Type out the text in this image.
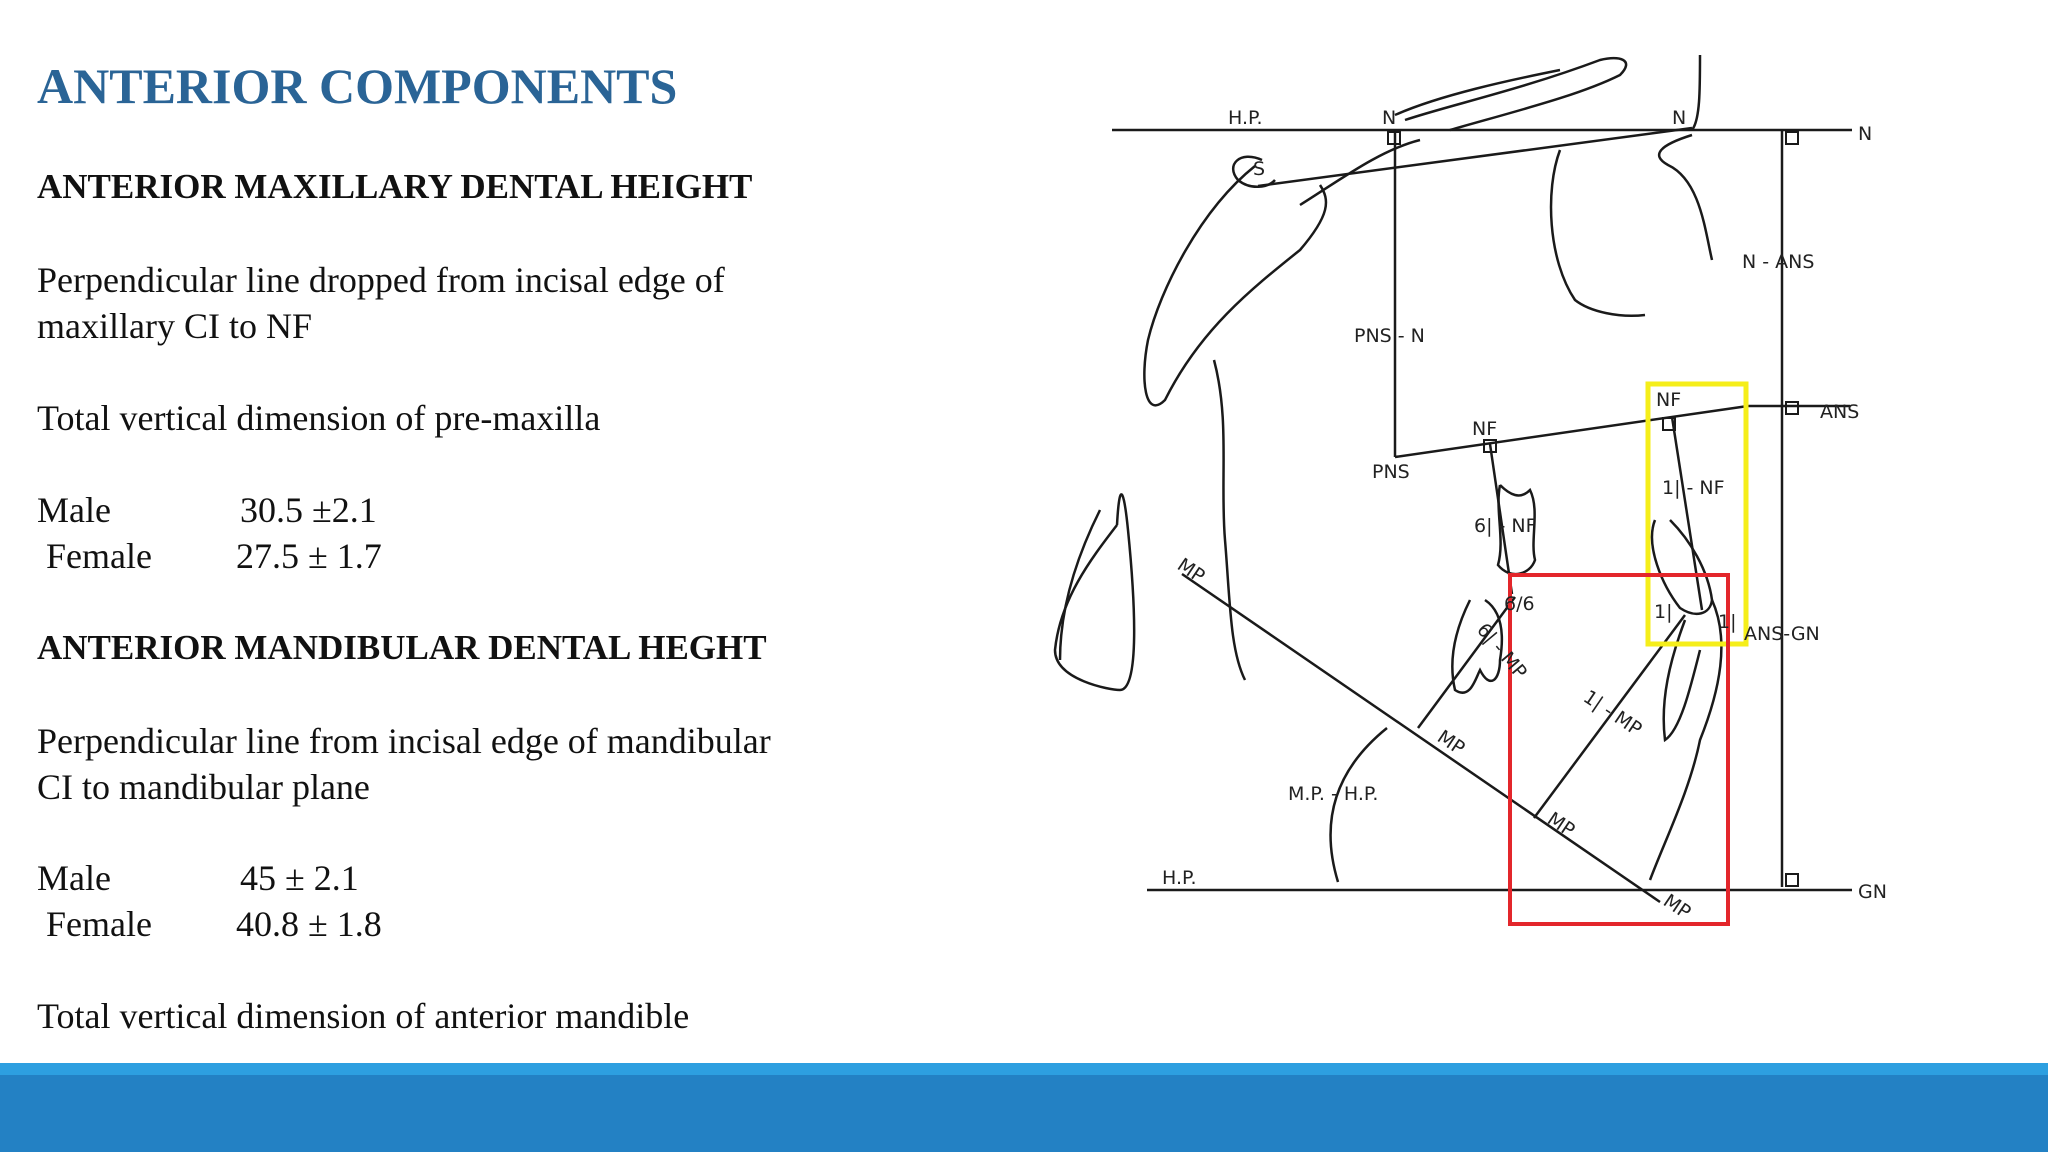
ANTERIOR COMPONENTS
ANTERIOR MAXILLARY DENTAL HEIGHT
Perpendicular line dropped from incisal edge of
maxillary CI to NF
Total vertical dimension of pre-maxilla
Male	30.5 ±2.1
Female 27.5 ± 1.7
ANTERIOR MANDIBULAR DENTAL HEGHT
Perpendicular line from incisal edge of mandibular
CI to mandibular plane
Male	45 ± 2.1
Female 40.8 ± 1.8
Total vertical dimension of anterior mandible
H.P.	N	N
N
S
N - ANS
PNS - N
NF
NF
ANS
PNS
1| - NF
6| - NF
MP
6/6
6| - MP
1| 1|
ANS-GN
1| - MP
MP
MP
M.P. - H.P.
H.P.
GN
MP
